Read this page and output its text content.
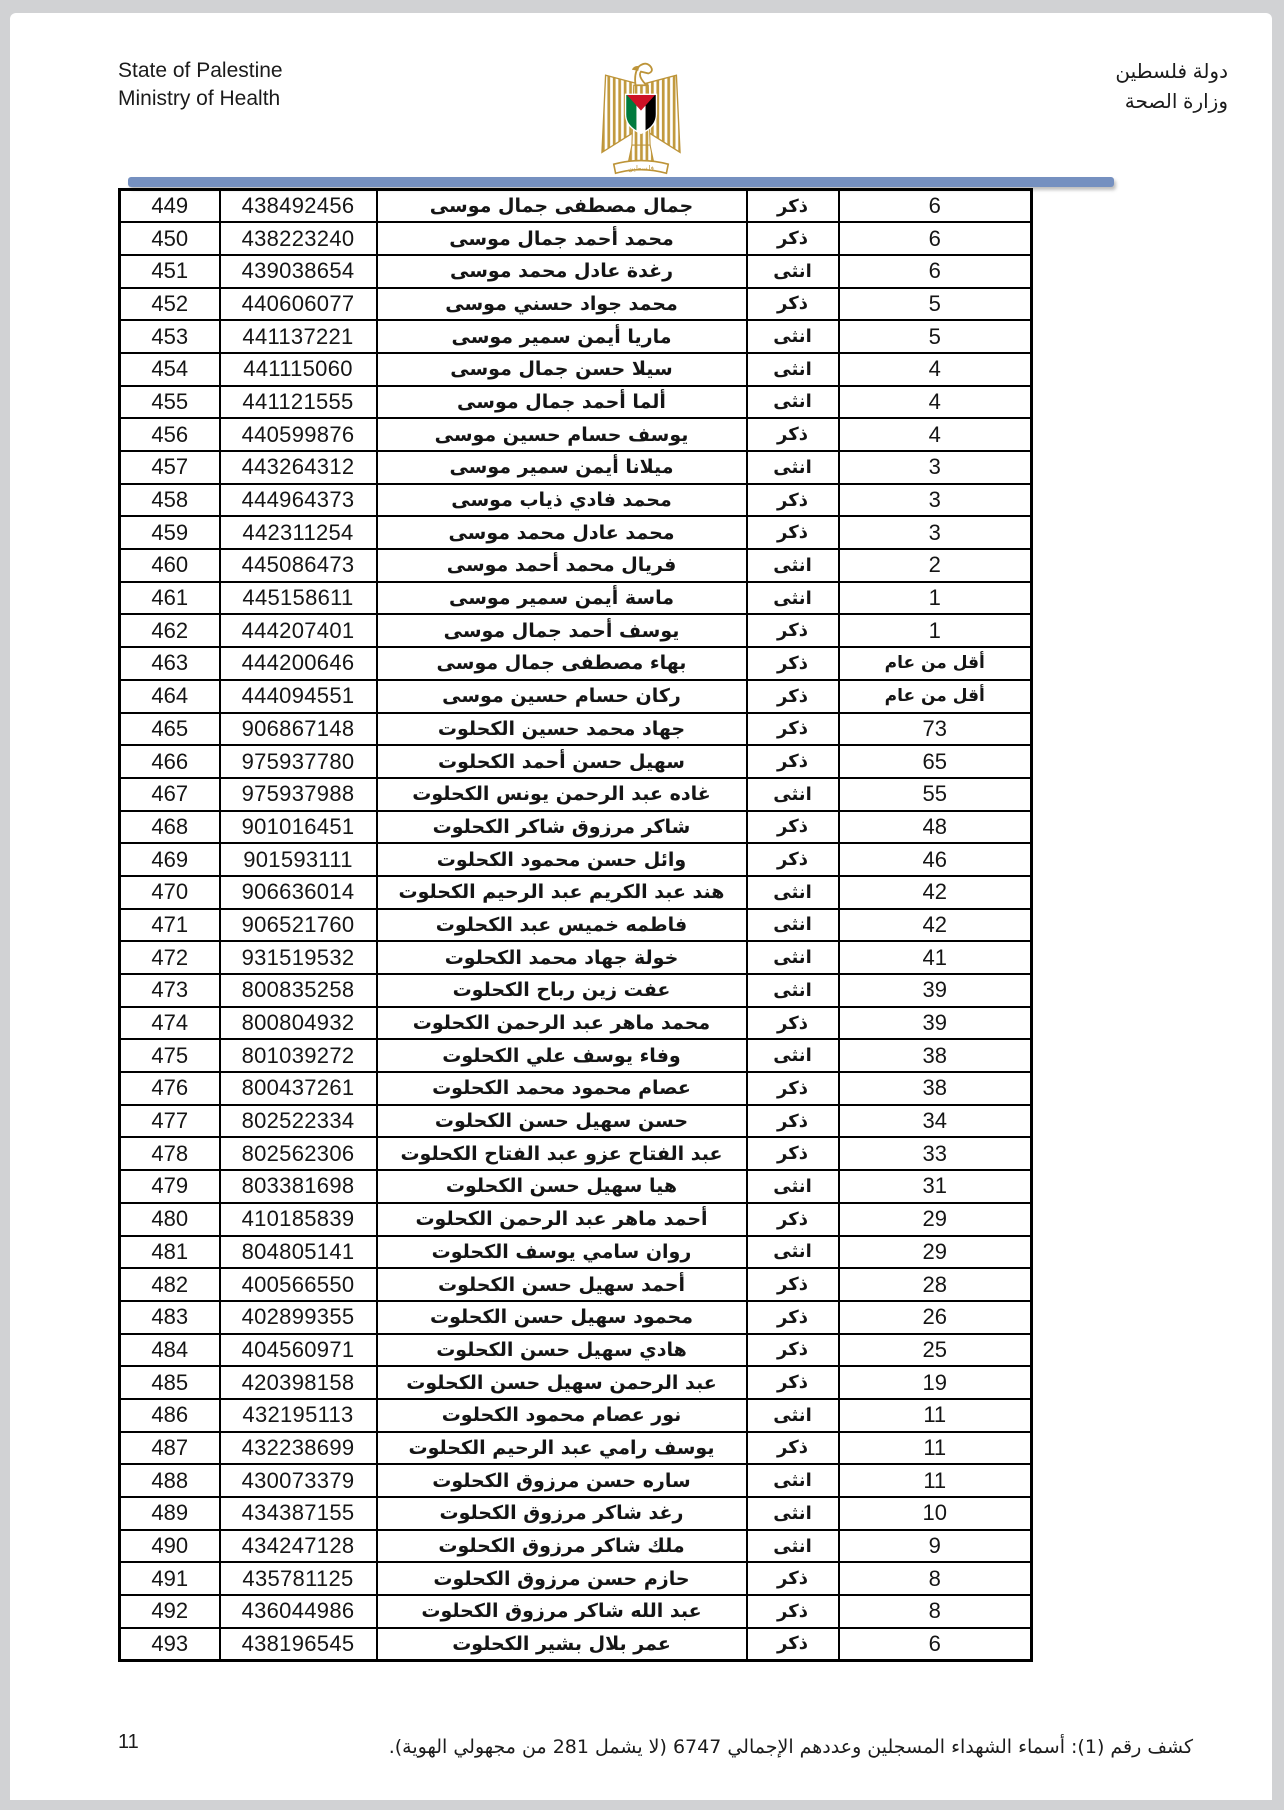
State of Palestine
Ministry of Health
فلسطين
دولة فلسطين
وزارة الصحة
449	438492456	جمال مصطفى جمال موسى	ذكر	6
450	438223240	محمد أحمد جمال موسى	ذكر	6
451	439038654	رغدة عادل محمد موسى	انثى	6
452	440606077	محمد جواد حسني موسى	ذكر	5
453	441137221	ماريا أيمن سمير موسى	انثى	5
454	441115060	سيلا حسن جمال موسى	انثى	4
455	441121555	ألما أحمد جمال موسى	انثى	4
456	440599876	يوسف حسام حسين موسى	ذكر	4
457	443264312	ميلانا أيمن سمير موسى	انثى	3
458	444964373	محمد فادي ذياب موسى	ذكر	3
459	442311254	محمد عادل محمد موسى	ذكر	3
460	445086473	فريال محمد أحمد موسى	انثى	2
461	445158611	ماسة أيمن سمير موسى	انثى	1
462	444207401	يوسف أحمد جمال موسى	ذكر	1
463	444200646	بهاء مصطفى جمال موسى	ذكر	أقل من عام
464	444094551	ركان حسام حسين موسى	ذكر	أقل من عام
465	906867148	جهاد محمد حسين الكحلوت	ذكر	73
466	975937780	سهيل حسن أحمد الكحلوت	ذكر	65
467	975937988	غاده عبد الرحمن يونس الكحلوت	انثى	55
468	901016451	شاكر مرزوق شاكر الكحلوت	ذكر	48
469	901593111	وائل حسن محمود الكحلوت	ذكر	46
470	906636014	هند عبد الكريم عبد الرحيم الكحلوت	انثى	42
471	906521760	فاطمه خميس عبد الكحلوت	انثى	42
472	931519532	خولة جهاد محمد الكحلوت	انثى	41
473	800835258	عفت زين رباح الكحلوت	انثى	39
474	800804932	محمد ماهر عبد الرحمن الكحلوت	ذكر	39
475	801039272	وفاء يوسف علي الكحلوت	انثى	38
476	800437261	عصام محمود محمد الكحلوت	ذكر	38
477	802522334	حسن سهيل حسن الكحلوت	ذكر	34
478	802562306	عبد الفتاح عزو عبد الفتاح الكحلوت	ذكر	33
479	803381698	هيا سهيل حسن الكحلوت	انثى	31
480	410185839	أحمد ماهر عبد الرحمن الكحلوت	ذكر	29
481	804805141	روان سامي يوسف الكحلوت	انثى	29
482	400566550	أحمد سهيل حسن الكحلوت	ذكر	28
483	402899355	محمود سهيل حسن الكحلوت	ذكر	26
484	404560971	هادي سهيل حسن الكحلوت	ذكر	25
485	420398158	عبد الرحمن سهيل حسن الكحلوت	ذكر	19
486	432195113	نور عصام محمود الكحلوت	انثى	11
487	432238699	يوسف رامي عبد الرحيم الكحلوت	ذكر	11
488	430073379	ساره حسن مرزوق الكحلوت	انثى	11
489	434387155	رغد شاكر مرزوق الكحلوت	انثى	10
490	434247128	ملك شاكر مرزوق الكحلوت	انثى	9
491	435781125	حازم حسن مرزوق الكحلوت	ذكر	8
492	436044986	عبد الله شاكر مرزوق الكحلوت	ذكر	8
493	438196545	عمر بلال بشير الكحلوت	ذكر	6
كشف رقم (1): أسماء الشهداء المسجلين وعددهم الإجمالي 6747 (لا يشمل 281 من مجهولي الهوية).
11
